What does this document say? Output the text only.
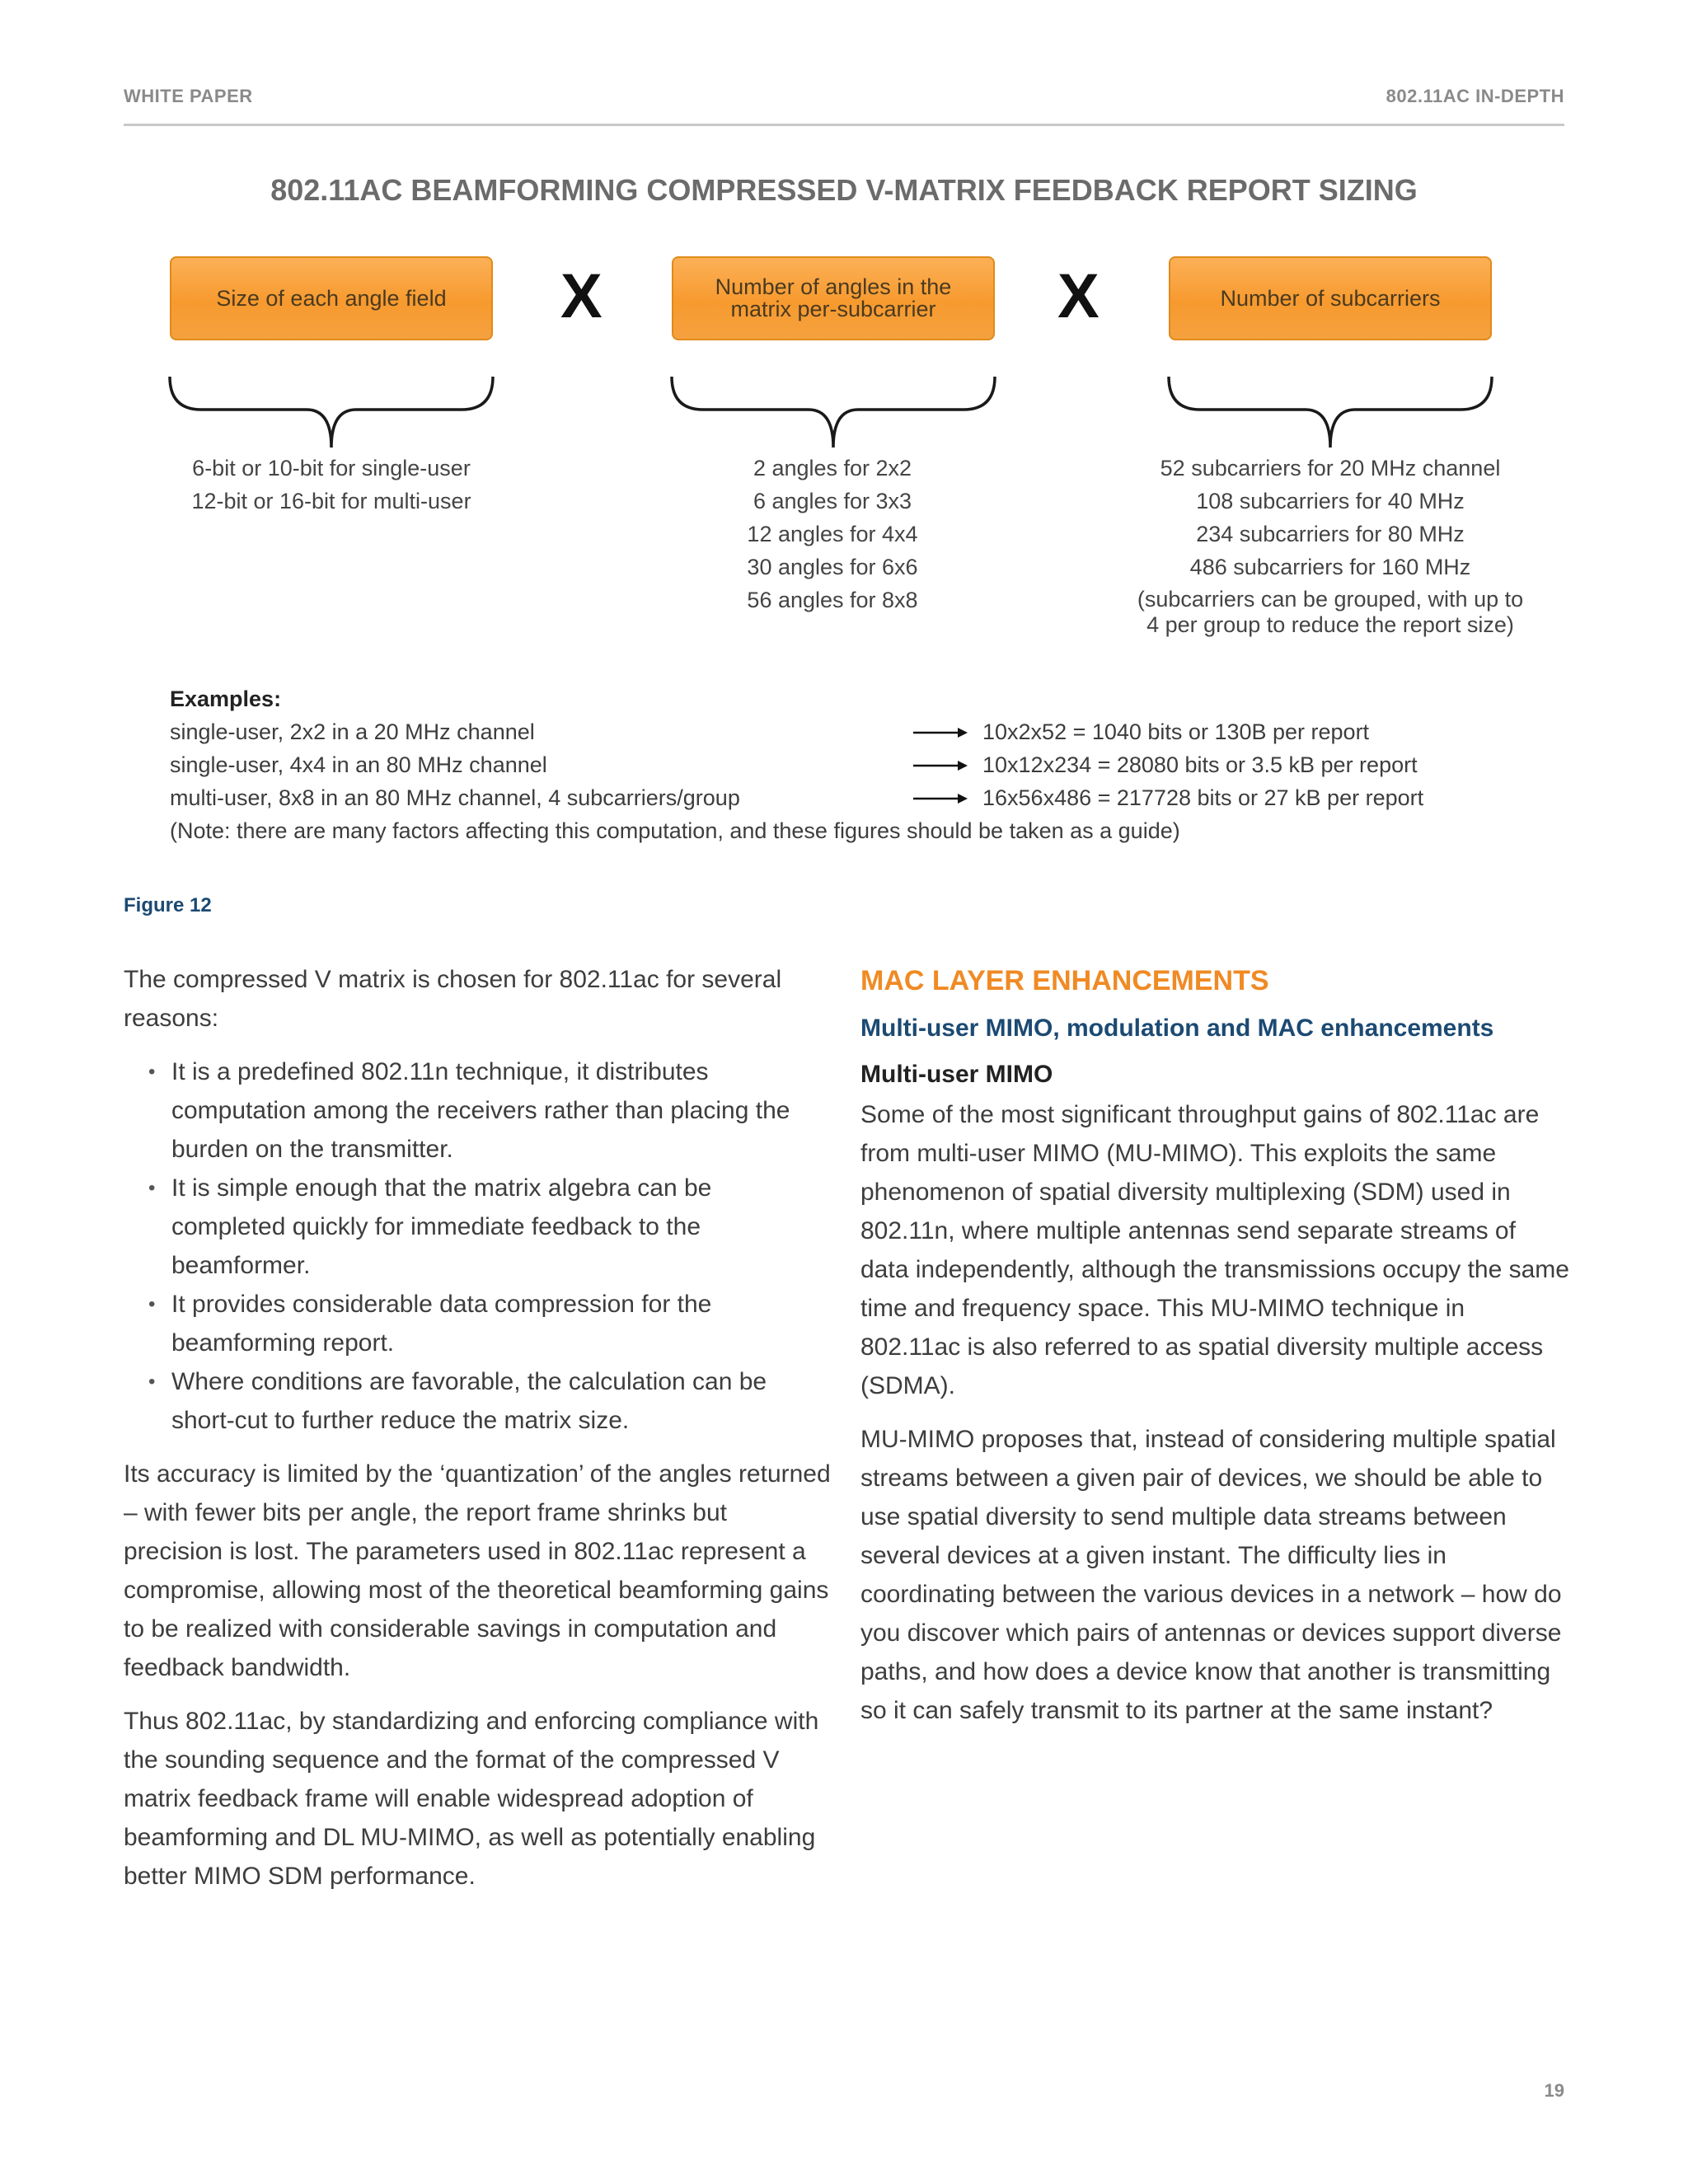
WHITE PAPER	802.11AC IN-DEPTH
802.11AC BEAMFORMING COMPRESSED V-MATRIX FEEDBACK REPORT SIZING
Size of each angle field X	Number of angles in the
matrix per-subcarrier X	Number of subcarriers
6-bit or 10-bit for single-user
12-bit or 16-bit for multi-user
2 angles for 2x2
6 angles for 3x3
12 angles for 4x4
30 angles for 6x6
56 angles for 8x8
52 subcarriers for 20 MHz channel
108 subcarriers for 40 MHz
234 subcarriers for 80 MHz
486 subcarriers for 160 MHz
(subcarriers can be grouped, with up to
4 per group to reduce the report size)
Examples:
single-user, 2x2 in a 20 MHz channel	10x2x52 = 1040 bits or 130B per report
single-user, 4x4 in an 80 MHz channel	10x12x234 = 28080 bits or 3.5 kB per report
multi-user, 8x8 in an 80 MHz channel, 4 subcarriers/group	16x56x486 = 217728 bits or 27 kB per report
(Note: there are many factors affecting this computation, and these figures should be taken as a guide)
Figure 12

The compressed V matrix is chosen for 802.11ac for several reasons:

• It is a predefined 802.11n technique, it distributes computation among the receivers rather than placing the burden on the transmitter.
• It is simple enough that the matrix algebra can be completed quickly for immediate feedback to the beamformer.
• It provides considerable data compression for the beamforming report.
• Where conditions are favorable, the calculation can be short-cut to further reduce the matrix size.

Its accuracy is limited by the ‘quantization’ of the angles returned – with fewer bits per angle, the report frame shrinks but precision is lost. The parameters used in 802.11ac represent a compromise, allowing most of the theoretical beamforming gains to be realized with considerable savings in computation and feedback bandwidth.

Thus 802.11ac, by standardizing and enforcing compliance with the sounding sequence and the format of the compressed V matrix feedback frame will enable widespread adoption of beamforming and DL MU-MIMO, as well as potentially enabling better MIMO SDM performance.

MAC LAYER ENHANCEMENTS
Multi-user MIMO, modulation and MAC enhancements
Multi-user MIMO

Some of the most significant throughput gains of 802.11ac are from multi-user MIMO (MU-MIMO). This exploits the same phenomenon of spatial diversity multiplexing (SDM) used in 802.11n, where multiple antennas send separate streams of data independently, although the transmissions occupy the same time and frequency space. This MU-MIMO technique in 802.11ac is also referred to as spatial diversity multiple access (SDMA).

MU-MIMO proposes that, instead of considering multiple spatial streams between a given pair of devices, we should be able to use spatial diversity to send multiple data streams between several devices at a given instant. The difficulty lies in coordinating between the various devices in a network – how do you discover which pairs of antennas or devices support diverse paths, and how does a device know that another is transmitting so it can safely transmit to its partner at the same instant?

19
